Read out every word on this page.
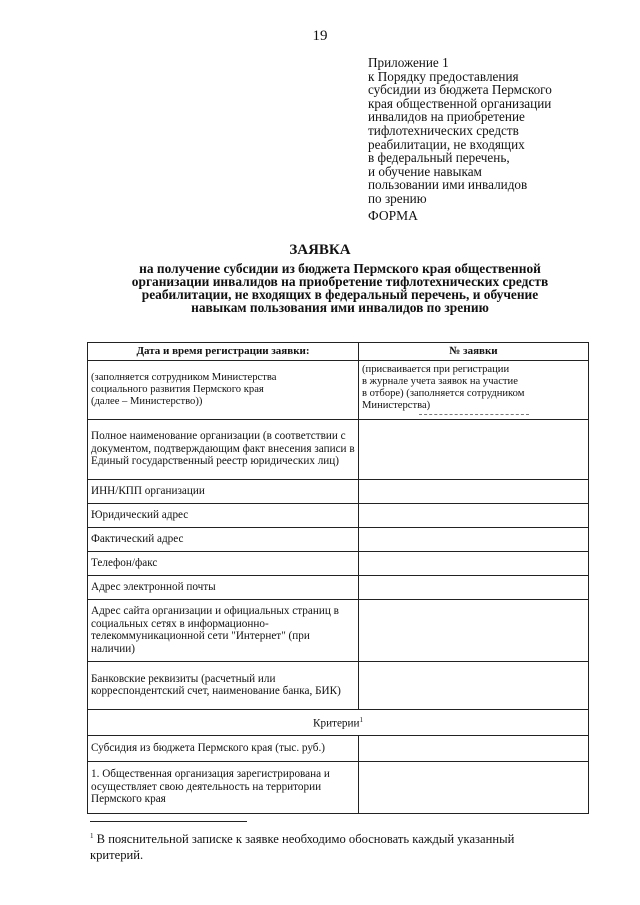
19
Приложение 1
к Порядку предоставления
субсидии из бюджета Пермского
края общественной организации
инвалидов на приобретение
тифлотехнических средств
реабилитации, не входящих
в федеральный перечень,
и обучение навыкам
пользовании ими инвалидов
по зрению
ФОРМА
ЗАЯВКА
на получение субсидии из бюджета Пермского края общественной
организации инвалидов на приобретение тифлотехнических средств
реабилитации, не входящих в федеральный перечень, и обучение
навыкам пользования ими инвалидов по зрению
Дата и время регистрации заявки:	№ заявки

(заполняется сотрудником Министерства
социального развития Пермского края
(далее – Министерство))	(присваивается при регистрации
в журнале учета заявок на участие
в отборе) (заполняется сотрудником
Министерства)

Полное наименование организации (в соответствии с документом, подтверждающим факт внесения записи в Единый государственный реестр юридических лиц)	
ИНН/КПП организации	
Юридический адрес	
Фактический адрес	
Телефон/факс	
Адрес электронной почты	
Адрес сайта организации и официальных страниц в социальных сетях в информационно-телекоммуникационной сети "Интернет" (при наличии)	
Банковские реквизиты (расчетный или корреспондентский счет, наименование банка, БИК)	
Критерии$^1$
Субсидия из бюджета Пермского края (тыс. руб.)	
1. Общественная организация зарегистрирована и осуществляет свою деятельность на территории Пермского края	
$^1$ В пояснительной записке к заявке необходимо обосновать каждый указанный
критерий.
